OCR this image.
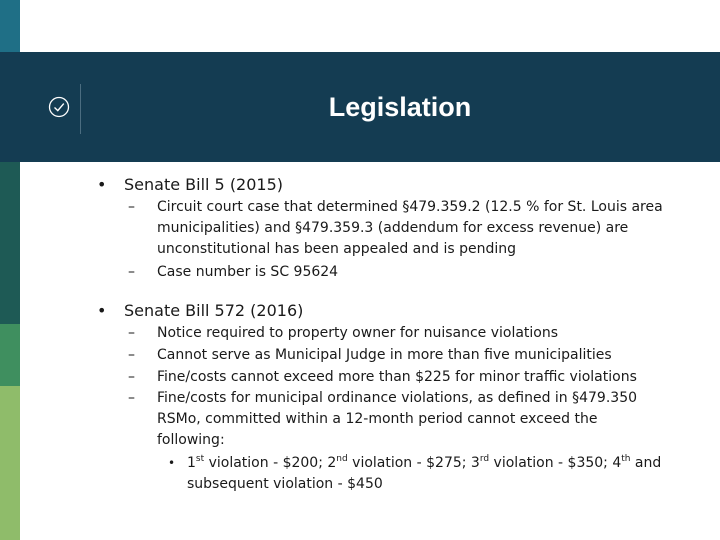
Legislation
• Senate Bill 5 (2015)
– Circuit court case that determined §479.359.2 (12.5 % for St. Louis area
municipalities) and §479.359.3 (addendum for excess revenue) are
unconstitutional has been appealed and is pending
– Case number is SC 95624
• Senate Bill 572 (2016)
– Notice required to property owner for nuisance violations
– Cannot serve as Municipal Judge in more than five municipalities
– Fine/costs cannot exceed more than $225 for minor traffic violations
– Fine/costs for municipal ordinance violations, as defined in §479.350
RSMo, committed within a 12-month period cannot exceed the
following:
• 1st violation - $200; 2nd violation - $275; 3rd violation - $350; 4th and
subsequent violation - $450
